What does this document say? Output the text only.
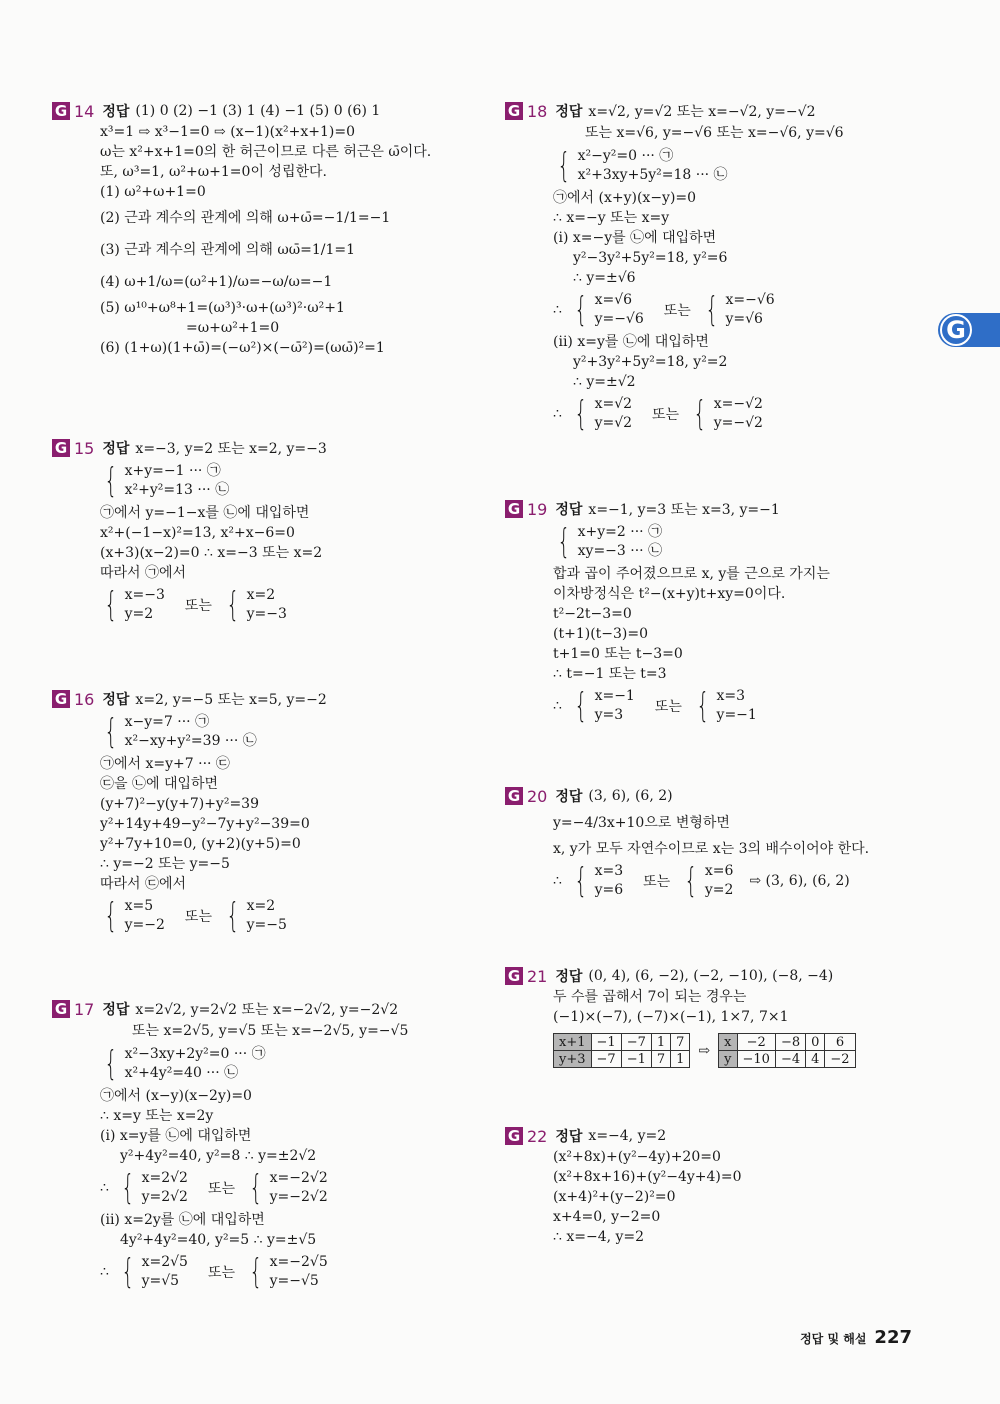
G 14 정답 (1) 0 (2) −1 (3) 1 (4) −1 (5) 0 (6) 1
x³=1 ⇨ x³−1=0 ⇨ (x−1)(x²+x+1)=0
ω는 x²+x+1=0의 한 허근이므로 다른 허근은 ω̄이다.
또, ω³=1, ω²+ω+1=0이 성립한다.
(1) ω²+ω+1=0
(2) 근과 계수의 관계에 의해 ω+ω̄=−1/1=−1
(3) 근과 계수의 관계에 의해 ωω̄=1/1=1
(4) ω+1/ω=(ω²+1)/ω=−ω/ω=−1
(5) ω¹⁰+ω⁸+1=(ω³)³·ω+(ω³)²·ω²+1
=ω+ω²+1=0
(6) (1+ω)(1+ω̄)=(−ω²)×(−ω̄²)=(ωω̄)²=1
G 15 정답 x=−3, y=2 또는 x=2, y=−3
{ x+y=−1 ··· ㉠
x²+y²=13 ··· ㉡
㉠에서 y=−1−x를 ㉡에 대입하면
x²+(−1−x)²=13, x²+x−6=0
(x+3)(x−2)=0 ∴ x=−3 또는 x=2
따라서 ㉠에서
{ x=−3
y=2	또는 { x=2
y=−3
G 16 정답 x=2, y=−5 또는 x=5, y=−2
{ x−y=7 ··· ㉠
x²−xy+y²=39 ··· ㉡
㉠에서 x=y+7 ··· ㉢
㉢을 ㉡에 대입하면
(y+7)²−y(y+7)+y²=39
y²+14y+49−y²−7y+y²−39=0
y²+7y+10=0, (y+2)(y+5)=0
∴ y=−2 또는 y=−5
따라서 ㉢에서
{ x=5
y=−2 또는 { x=2
y=−5
G 17 정답 x=2√2, y=2√2 또는 x=−2√2, y=−2√2
또는 x=2√5, y=√5 또는 x=−2√5, y=−√5
{ x²−3xy+2y²=0 ··· ㉠
x²+4y²=40 ··· ㉡
㉠에서 (x−y)(x−2y)=0
∴ x=y 또는 x=2y
(i) x=y를 ㉡에 대입하면
y²+4y²=40, y²=8 ∴ y=±2√2
∴ { x=2√2
y=2√2 또는 { x=−2√2
y=−2√2
(ii) x=2y를 ㉡에 대입하면
4y²+4y²=40, y²=5 ∴ y=±√5
∴ { x=2√5
y=√5	또는 { x=−2√5
y=−√5
G 18 정답 x=√2, y=√2 또는 x=−√2, y=−√2
또는 x=√6, y=−√6 또는 x=−√6, y=√6
{ x²−y²=0 ··· ㉠
x²+3xy+5y²=18 ··· ㉡
㉠에서 (x+y)(x−y)=0
∴ x=−y 또는 x=y
(i) x=−y를 ㉡에 대입하면
y²−3y²+5y²=18, y²=6
∴ y=±√6
∴ { x=√6
y=−√6 또는 { x=−√6
y=√6
(ii) x=y를 ㉡에 대입하면
y²+3y²+5y²=18, y²=2
∴ y=±√2
∴ { x=√2
y=√2 또는 { x=−√2
y=−√2
G 19 정답 x=−1, y=3 또는 x=3, y=−1
{ x+y=2 ··· ㉠
xy=−3 ··· ㉡
합과 곱이 주어졌으므로 x, y를 근으로 가지는
이차방정식은 t²−(x+y)t+xy=0이다.
t²−2t−3=0
(t+1)(t−3)=0
t+1=0 또는 t−3=0
∴ t=−1 또는 t=3
∴ { x=−1
y=3	또는 { x=3
y=−1
G 20 정답 (3, 6), (6, 2)
y=−4/3x+10으로 변형하면
x, y가 모두 자연수이므로 x는 3의 배수이어야 한다.
∴ { x=3
y=6 또는 { x=6
y=2
⇨ (3, 6), (6, 2)
G 21 정답 (0, 4), (6, −2), (−2, −10), (−8, −4)
두 수를 곱해서 7이 되는 경우는
(−1)×(−7), (−7)×(−1), 1×7, 7×1
x+1	−1	−7	1	7
y+3	−7	−1	7	1
⇨
x	−2	−8	0	6
y	−10	−4	4	−2
G 22 정답 x=−4, y=2
(x²+8x)+(y²−4y)+20=0
(x²+8x+16)+(y²−4y+4)=0
(x+4)²+(y−2)²=0
x+4=0, y−2=0
∴ x=−4, y=2
G
정답 및 해설 227
